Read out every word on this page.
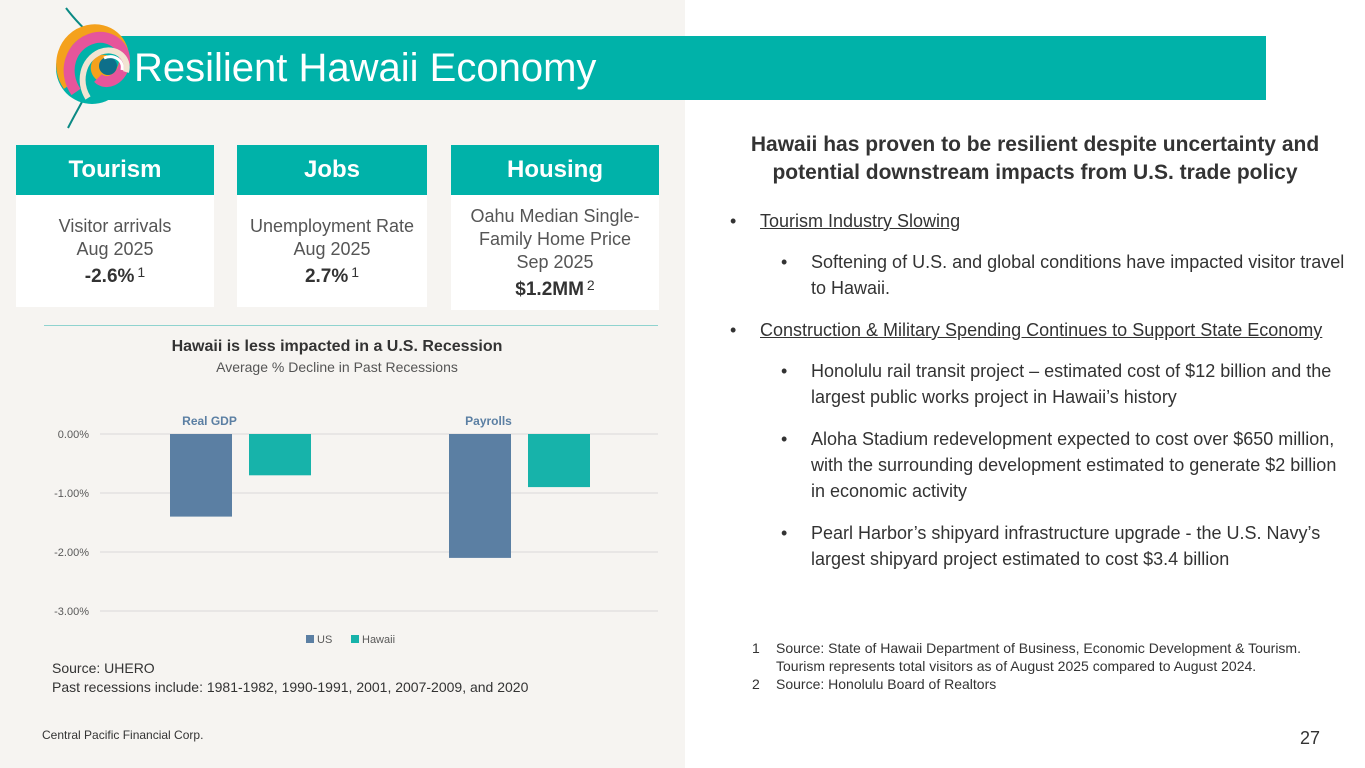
Resilient Hawaii Economy
Tourism
Visitor arrivals
Aug 2025
-2.6% $^1$
Jobs
Unemployment Rate
Aug 2025
2.7% $^1$
Housing
Oahu Median Single-
Family Home Price
Sep 2025
$1.2MM $^2$
Hawaii is less impacted in a U.S. Recession
Average % Decline in Past Recessions
0.00%
-1.00%
-2.00%
-3.00%
Real GDP	Payrolls
US	Hawaii
Source: UHERO
Past recessions include: 1981-1982, 1990-1991, 2001, 2007-2009, and 2020
Central Pacific Financial Corp.	27
Hawaii has proven to be resilient despite uncertainty and potential downstream impacts from U.S. trade policy
• Tourism Industry Slowing
• Softening of U.S. and global conditions have impacted visitor travel to Hawaii.
• Construction & Military Spending Continues to Support State Economy
• Honolulu rail transit project – estimated cost of $12 billion and the largest public works project in Hawaii’s history
• Aloha Stadium redevelopment expected to cost over $650 million, with the surrounding development estimated to generate $2 billion in economic activity
• Pearl Harbor’s shipyard infrastructure upgrade - the U.S. Navy’s largest shipyard project estimated to cost $3.4 billion
1 Source: State of Hawaii Department of Business, Economic Development & Tourism. Tourism represents total visitors as of August 2025 compared to August 2024.
2 Source: Honolulu Board of Realtors
